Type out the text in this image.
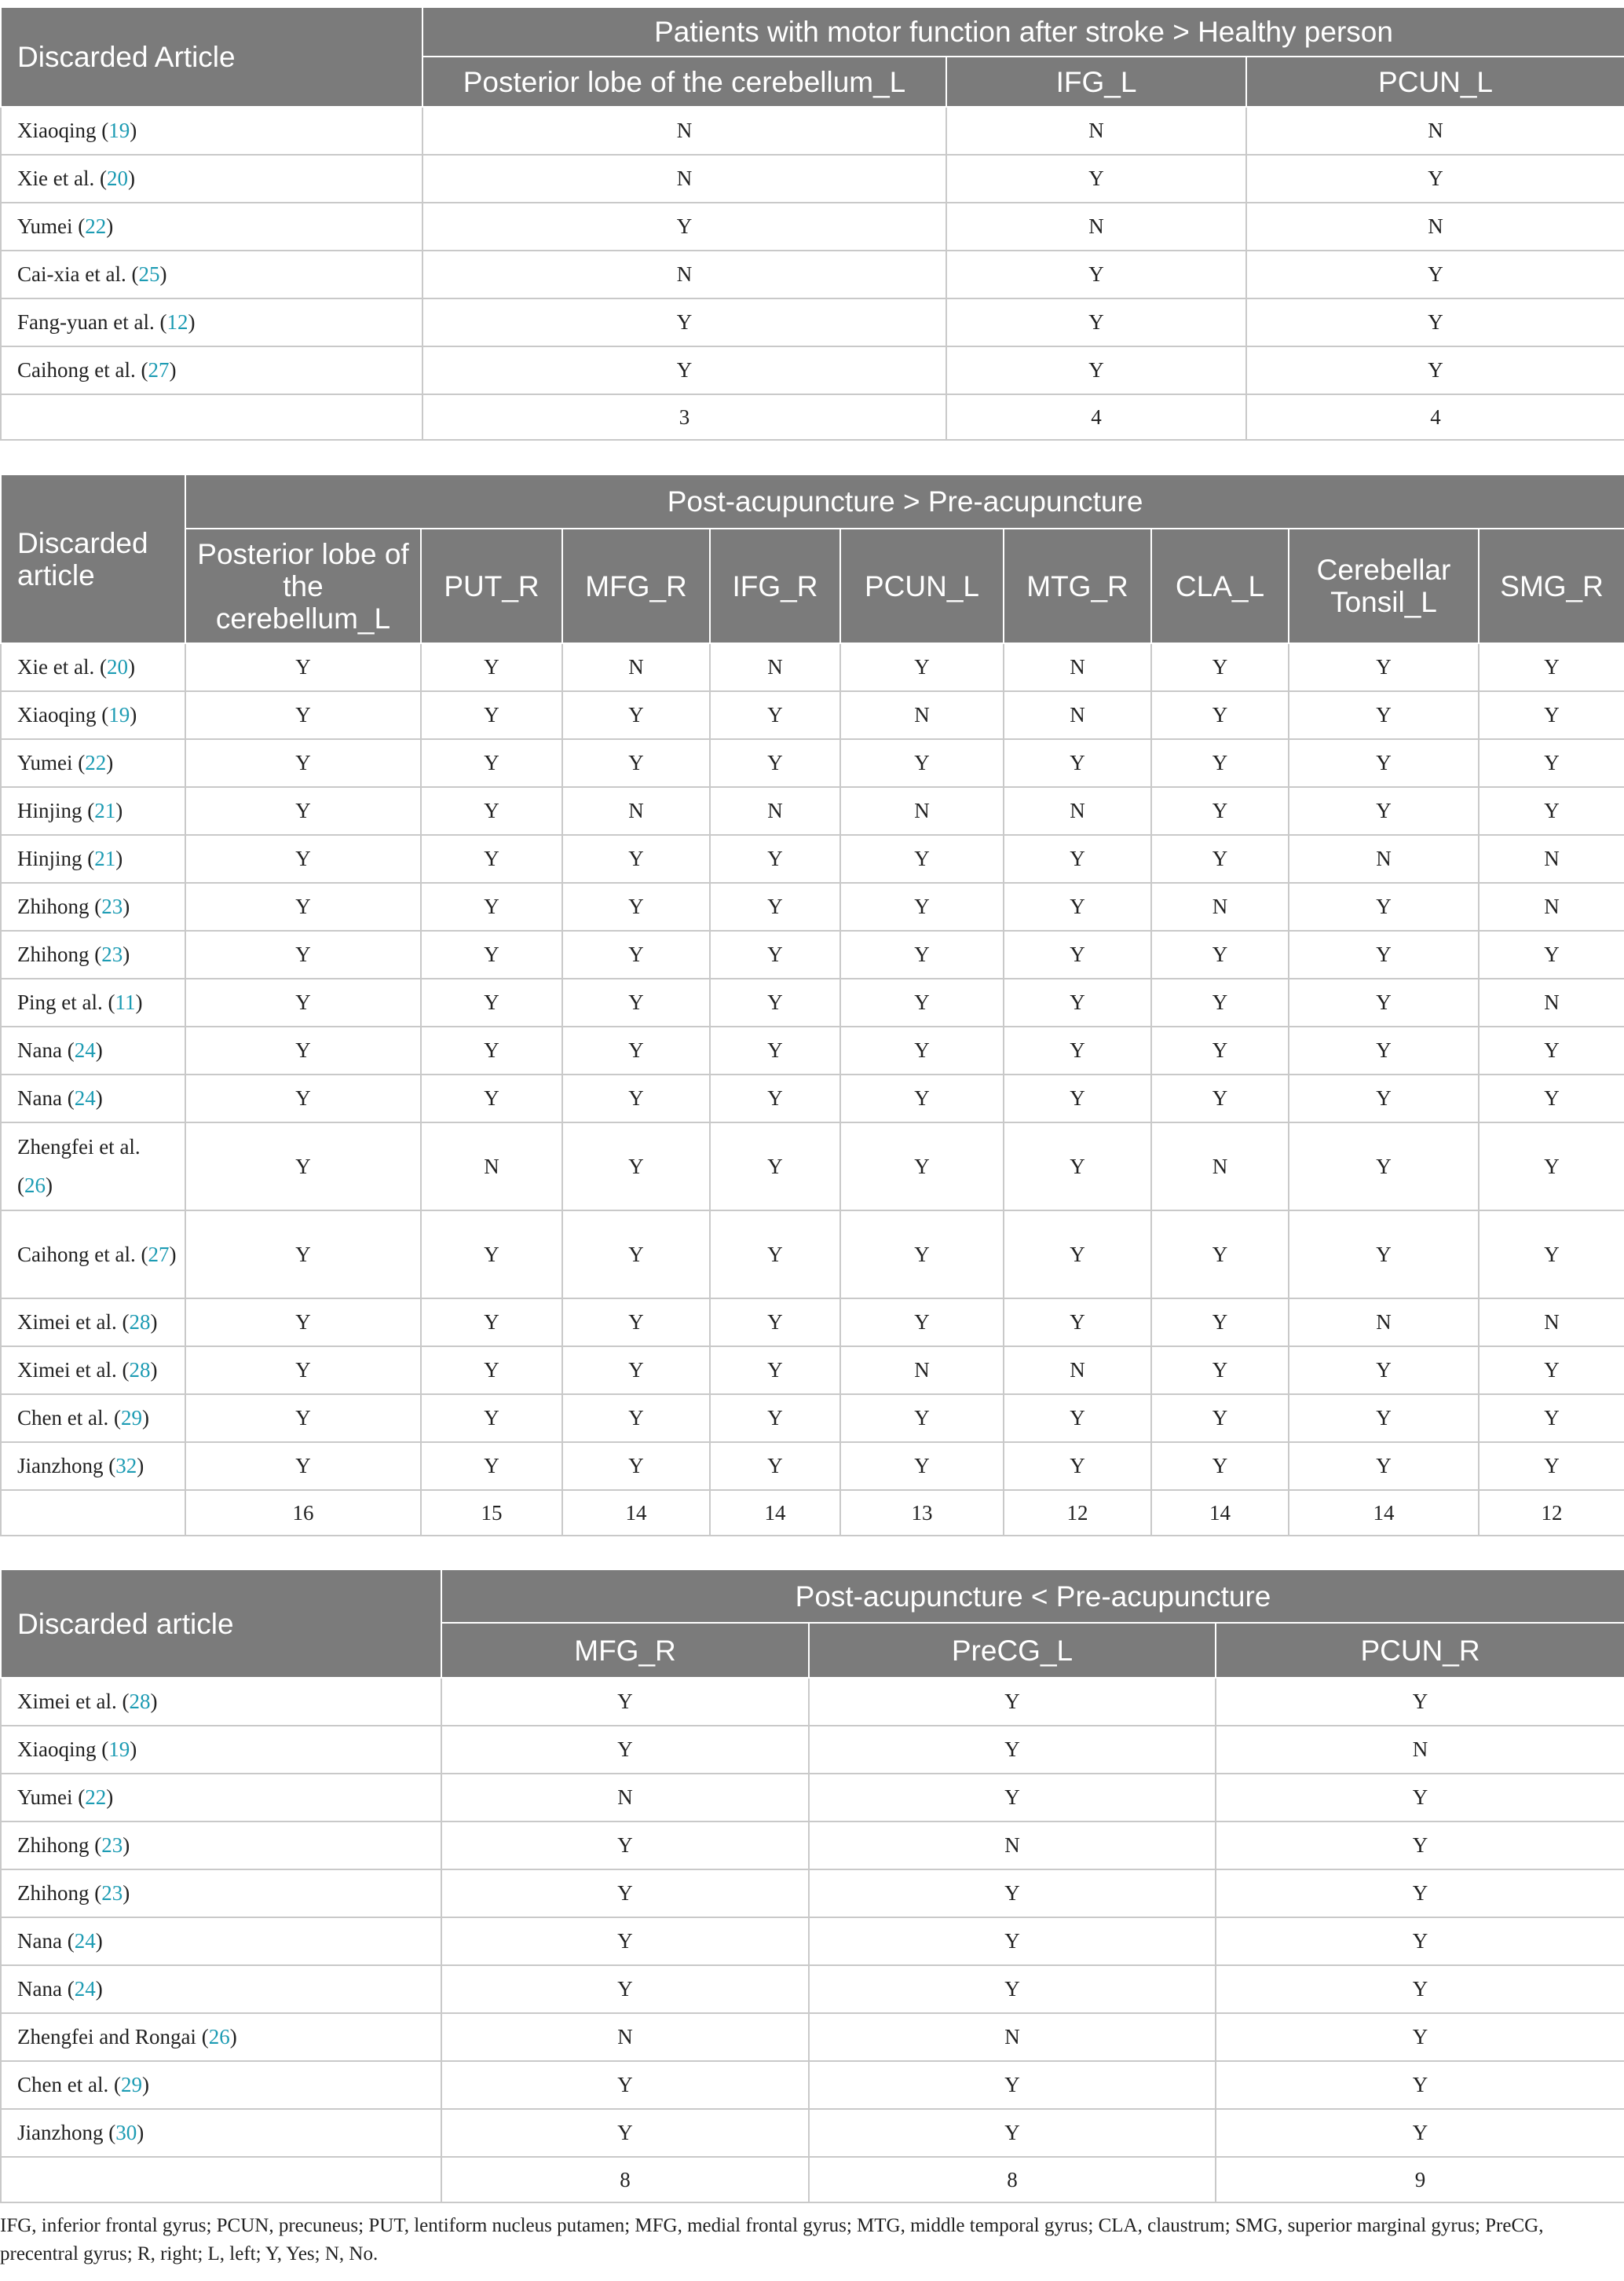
Discarded Article	Patients with motor function after stroke > Healthy person		
	Posterior lobe of the cerebellum_L	IFG_L	PCUN_L
Xiaoqing (19)	N	N	N
Xie et al. (20)	N	Y	Y
Yumei (22)	Y	N	N
Cai-xia et al. (25)	N	Y	Y
Fang-yuan et al. (12)	Y	Y	Y
Caihong et al. (27)	Y	Y	Y
	3	4	4
Discarded article	Post-acupuncture > Pre-acupuncture								
	Posterior lobe of the cerebellum_L	PUT_R	MFG_R	IFG_R	PCUN_L	MTG_R	CLA_L	Cerebellar Tonsil_L	SMG_R
Xie et al. (20)	Y	Y	N	N	Y	N	Y	Y	Y
Xiaoqing (19)	Y	Y	Y	Y	N	N	Y	Y	Y
Yumei (22)	Y	Y	Y	Y	Y	Y	Y	Y	Y
Hinjing (21)	Y	Y	N	N	N	N	Y	Y	Y
Hinjing (21)	Y	Y	Y	Y	Y	Y	Y	N	N
Zhihong (23)	Y	Y	Y	Y	Y	Y	N	Y	N
Zhihong (23)	Y	Y	Y	Y	Y	Y	Y	Y	Y
Ping et al. (11)	Y	Y	Y	Y	Y	Y	Y	Y	N
Nana (24)	Y	Y	Y	Y	Y	Y	Y	Y	Y
Nana (24)	Y	Y	Y	Y	Y	Y	Y	Y	Y
Zhengfei et al. (26)	Y	N	Y	Y	Y	Y	N	Y	Y
Caihong et al. (27)	Y	Y	Y	Y	Y	Y	Y	Y	Y
Ximei et al. (28)	Y	Y	Y	Y	Y	Y	Y	N	N
Ximei et al. (28)	Y	Y	Y	Y	N	N	Y	Y	Y
Chen et al. (29)	Y	Y	Y	Y	Y	Y	Y	Y	Y
Jianzhong (32)	Y	Y	Y	Y	Y	Y	Y	Y	Y
	16	15	14	14	13	12	14	14	12
Discarded article	Post-acupuncture < Pre-acupuncture		
	MFG_R	PreCG_L	PCUN_R
Ximei et al. (28)	Y	Y	Y
Xiaoqing (19)	Y	Y	N
Yumei (22)	N	Y	Y
Zhihong (23)	Y	N	Y
Zhihong (23)	Y	Y	Y
Nana (24)	Y	Y	Y
Nana (24)	Y	Y	Y
Zhengfei and Rongai (26)	N	N	Y
Chen et al. (29)	Y	Y	Y
Jianzhong (30)	Y	Y	Y
	8	8	9
IFG, inferior frontal gyrus; PCUN, precuneus; PUT, lentiform nucleus putamen; MFG, medial frontal gyrus; MTG, middle temporal gyrus; CLA, claustrum; SMG, superior marginal gyrus; PreCG, precentral gyrus; R, right; L, left; Y, Yes; N, No.
